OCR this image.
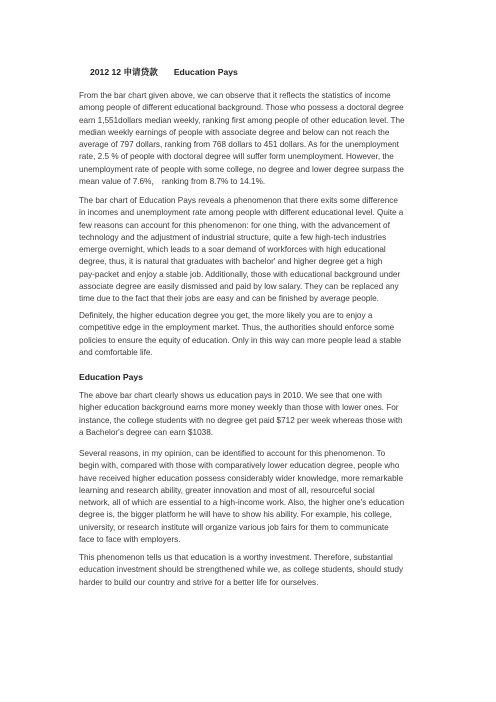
2012 12 申请贷款 Education Pays
From the bar chart given above, we can observe that it reflects the statistics of income
among people of different educational background. Those who possess a doctoral degree
earn 1,551dollars median weekly, ranking first among people of other education level. The
median weekly earnings of people with associate degree and below can not reach the
average of 797 dollars, ranking from 768 dollars to 451 dollars. As for the unemployment
rate, 2.5 % of people with doctoral degree will suffer form unemployment. However, the
unemployment rate of people with some college, no degree and lower degree surpass the
mean value of 7.6%， ranking from 8.7% to 14.1%.
The bar chart of Education Pays reveals a phenomenon that there exits some difference
in incomes and unemployment rate among people with different educational level. Quite a
few reasons can account for this phenomenon: for one thing, with the advancement of
technology and the adjustment of industrial structure, quite a few high-tech industries
emerge overnight, which leads to a soar demand of workforces with high educational
degree, thus, it is natural that graduates with bachelor' and higher degree get a high
pay-packet and enjoy a stable job. Additionally, those with educational background under
associate degree are easily dismissed and paid by low salary. They can be replaced any
time due to the fact that their jobs are easy and can be finished by average people.
Definitely, the higher education degree you get, the more likely you are to enjoy a
competitive edge in the employment market. Thus, the authorities should enforce some
policies to ensure the equity of education. Only in this way can more people lead a stable
and comfortable life.
Education Pays
The above bar chart clearly shows us education pays in 2010. We see that one with
higher education background earns more money weekly than those with lower ones. For
instance, the college students with no degree get paid $712 per week whereas those with
a Bachelor's degree can earn $1038.
Several reasons, in my opinion, can be identified to account for this phenomenon. To
begin with, compared with those with comparatively lower education degree, people who
have received higher education possess considerably wider knowledge, more remarkable
learning and research ability, greater innovation and most of all, resourceful social
network, all of which are essential to a high-income work. Also, the higher one's education
degree is, the bigger platform he will have to show his ability. For example, his college,
university, or research institute will organize various job fairs for them to communicate
face to face with employers.
This phenomenon tells us that education is a worthy investment. Therefore, substantial
education investment should be strengthened while we, as college students, should study
harder to build our country and strive for a better life for ourselves.
